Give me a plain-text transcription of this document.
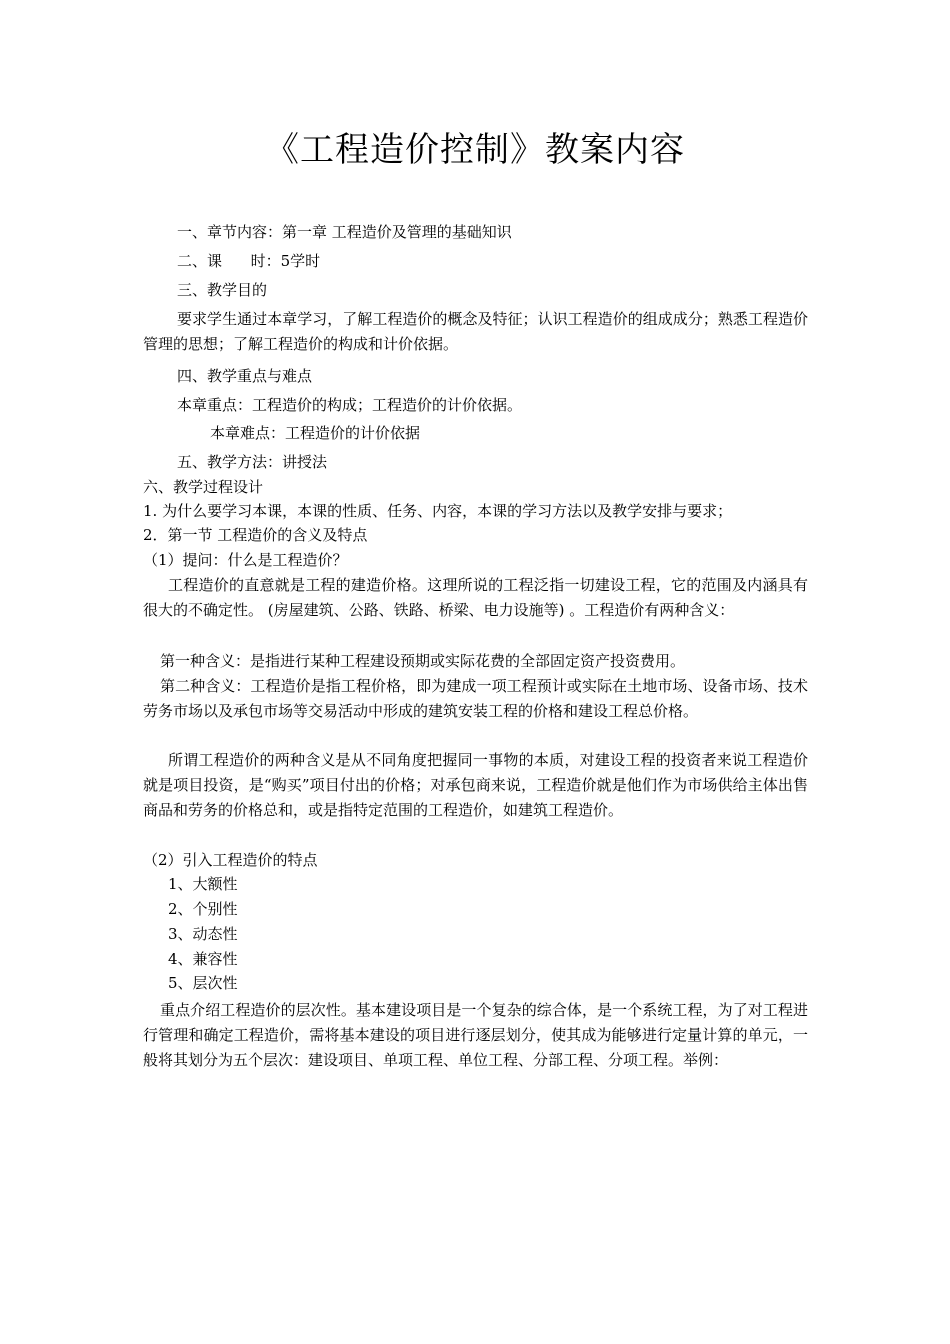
《工程造价控制》教案内容
一、章节内容：第一章 工程造价及管理的基础知识
二、课      时：5学时
三、教学目的
要求学生通过本章学习，了解工程造价的概念及特征；认识工程造价的组成成分；熟悉工程造价管理的思想；了解工程造价的构成和计价依据。
四、教学重点与难点
本章重点：工程造价的构成；工程造价的计价依据。
本章难点：工程造价的计价依据
五、教学方法：讲授法
六、教学过程设计
1. 为什么要学习本课，本课的性质、任务、内容，本课的学习方法以及教学安排与要求；
2．第一节 工程造价的含义及特点
（1）提问：什么是工程造价？
工程造价的直意就是工程的建造价格。这理所说的工程泛指一切建设工程，它的范围及内涵具有很大的不确定性。 (房屋建筑、公路、铁路、桥梁、电力设施等) 。工程造价有两种含义：
第一种含义：是指进行某种工程建设预期或实际花费的全部固定资产投资费用。
第二种含义：工程造价是指工程价格，即为建成一项工程预计或实际在土地市场、设备市场、技术劳务市场以及承包市场等交易活动中形成的建筑安装工程的价格和建设工程总价格。
所谓工程造价的两种含义是从不同角度把握同一事物的本质，对建设工程的投资者来说工程造价就是项目投资，是“购买”项目付出的价格；对承包商来说，工程造价就是他们作为市场供给主体出售商品和劳务的价格总和，或是指特定范围的工程造价，如建筑工程造价。
（2）引入工程造价的特点
1、大额性
2、个别性
3、动态性
4、兼容性
5、层次性
重点介绍工程造价的层次性。基本建设项目是一个复杂的综合体，是一个系统工程，为了对工程进行管理和确定工程造价，需将基本建设的项目进行逐层划分，使其成为能够进行定量计算的单元，一般将其划分为五个层次：建设项目、单项工程、单位工程、分部工程、分项工程。举例：
